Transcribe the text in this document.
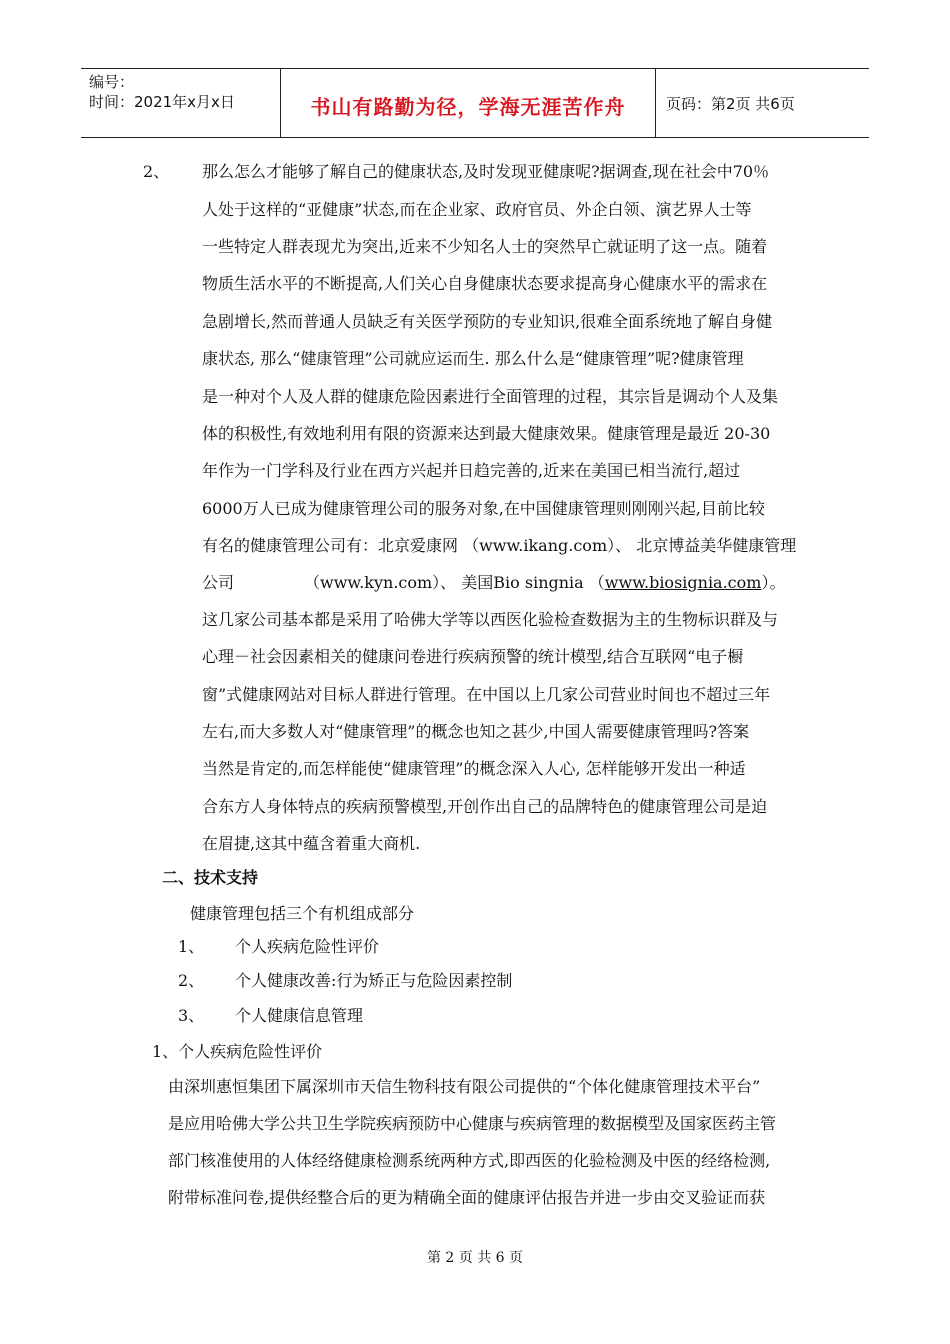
编号：
时间：2021年x月x日	书山有路勤为径，学海无涯苦作舟	页码：第2页 共6页
2、 那么怎么才能够了解自己的健康状态,及时发现亚健康呢?据调查,现在社会中70％
人处于这样的“亚健康”状态,而在企业家、政府官员、外企白领、演艺界人士等
一些特定人群表现尤为突出,近来不少知名人士的突然早亡就证明了这一点。随着
物质生活水平的不断提高,人们关心自身健康状态要求提高身心健康水平的需求在
急剧增长,然而普通人员缺乏有关医学预防的专业知识,很难全面系统地了解自身健
康状态, 那么“健康管理”公司就应运而生. 那么什么是“健康管理”呢?健康管理
是一种对个人及人群的健康危险因素进行全面管理的过程，其宗旨是调动个人及集
体的积极性,有效地利用有限的资源来达到最大健康效果。健康管理是最近 20-30
年作为一门学科及行业在西方兴起并日趋完善的,近来在美国已相当流行,超过
6000万人已成为健康管理公司的服务对象,在中国健康管理则刚刚兴起,目前比较
有名的健康管理公司有：北京爱康网 （www.ikang.com）、 北京博益美华健康管理
公司	（www.kyn.com）、 美国Bio singnia （www.biosignia.com）。
这几家公司基本都是采用了哈佛大学等以西医化验检查数据为主的生物标识群及与
心理－社会因素相关的健康问卷进行疾病预警的统计模型,结合互联网“电子橱
窗”式健康网站对目标人群进行管理。在中国以上几家公司营业时间也不超过三年
左右,而大多数人对“健康管理”的概念也知之甚少,中国人需要健康管理吗?答案
当然是肯定的,而怎样能使“健康管理”的概念深入人心, 怎样能够开发出一种适
合东方人身体特点的疾病预警模型,开创作出自己的品牌特色的健康管理公司是迫
在眉捷,这其中蕴含着重大商机.
二、技术支持
健康管理包括三个有机组成部分
1、 个人疾病危险性评价
2、 个人健康改善:行为矫正与危险因素控制
3、 个人健康信息管理
1、个人疾病危险性评价
由深圳惠恒集团下属深圳市天信生物科技有限公司提供的“个体化健康管理技术平台”
是应用哈佛大学公共卫生学院疾病预防中心健康与疾病管理的数据模型及国家医药主管
部门核准使用的人体经络健康检测系统两种方式,即西医的化验检测及中医的经络检测,
附带标准问卷,提供经整合后的更为精确全面的健康评估报告并进一步由交叉验证而获
第 2 页 共 6 页
